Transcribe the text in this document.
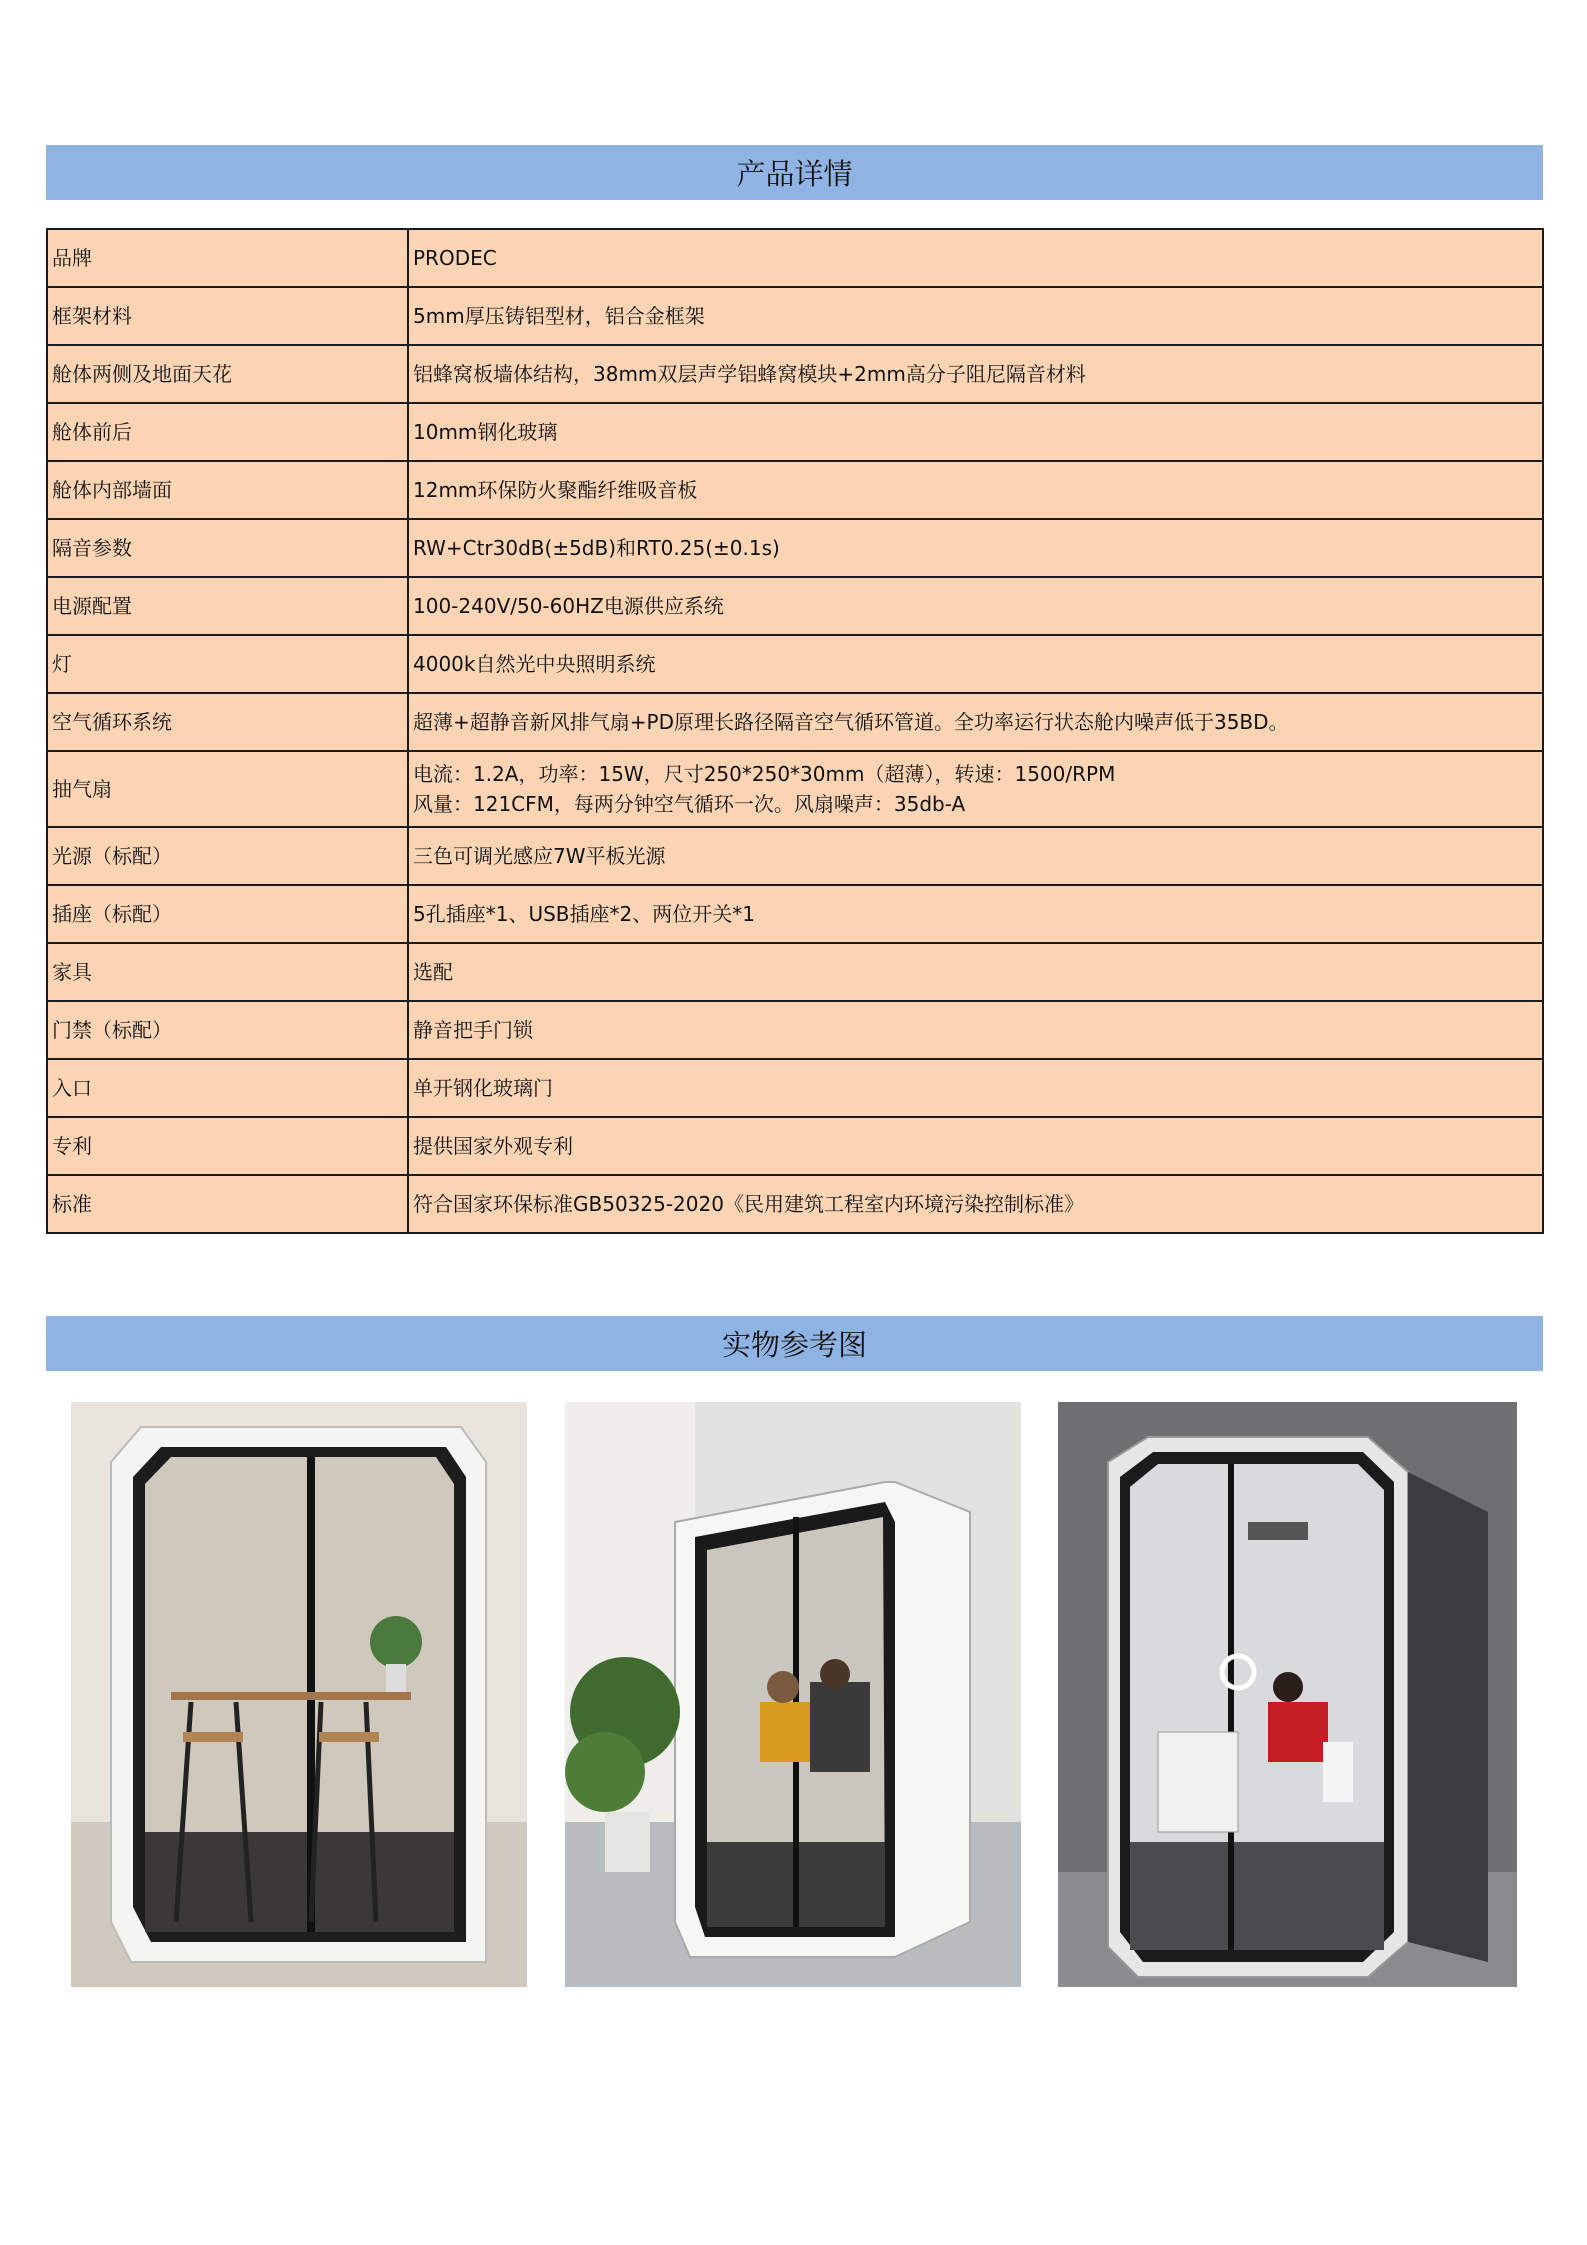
产品详情
品牌	PRODEC

框架材料	5mm厚压铸铝型材，铝合金框架

舱体两侧及地面天花	铝蜂窝板墙体结构，38mm双层声学铝蜂窝模块+2mm高分子阻尼隔音材料

舱体前后	10mm钢化玻璃

舱体内部墙面	12mm环保防火聚酯纤维吸音板

隔音参数	RW+Ctr30dB(±5dB)和RT0.25(±0.1s)

电源配置	100-240V/50-60HZ电源供应系统

灯	4000k自然光中央照明系统

空气循环系统	超薄+超静音新风排气扇+PD原理长路径隔音空气循环管道。全功率运行状态舱内噪声低于35BD。

抽气扇	电流：1.2A，功率：15W，尺寸250*250*30mm（超薄），转速：1500/RPM
风量：121CFM，每两分钟空气循环一次。风扇噪声：35db-A

光源（标配）	三色可调光感应7W平板光源

插座（标配）	5孔插座*1、USB插座*2、两位开关*1

家具	选配

门禁（标配）	静音把手门锁

入口	单开钢化玻璃门

专利	提供国家外观专利

标准	符合国家环保标准GB50325-2020《民用建筑工程室内环境污染控制标准》
实物参考图
